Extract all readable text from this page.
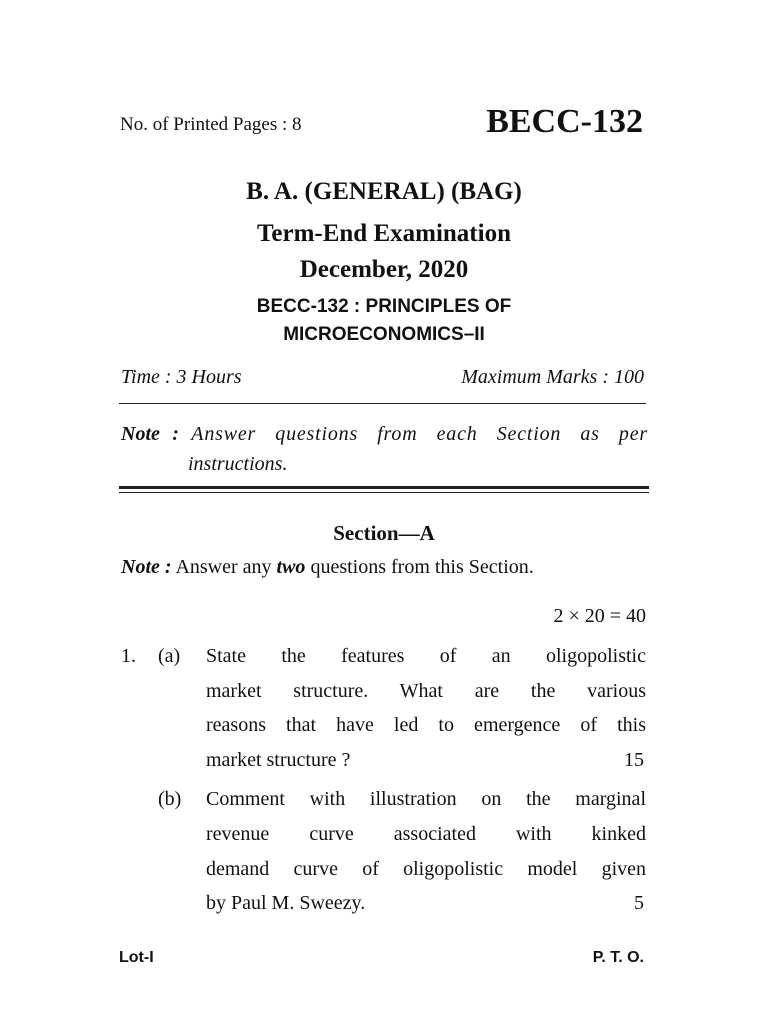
No. of Printed Pages : 8	BECC-132
B. A. (GENERAL) (BAG)
Term-End Examination
December, 2020
BECC-132 : PRINCIPLES OF
MICROECONOMICS–II
Time : 3 Hours	Maximum Marks : 100
Note : Answer questions from each Section as per
instructions.
Section—A
Note : Answer any two questions from this Section.
2 × 20 = 40
1. (a) State the features of an oligopolistic
market structure. What are the various
reasons that have led to emergence of this
market structure ?	15
(b) Comment with illustration on the marginal
revenue curve associated with kinked
demand curve of oligopolistic model given
by Paul M. Sweezy.	5
Lot-I	P. T. O.
